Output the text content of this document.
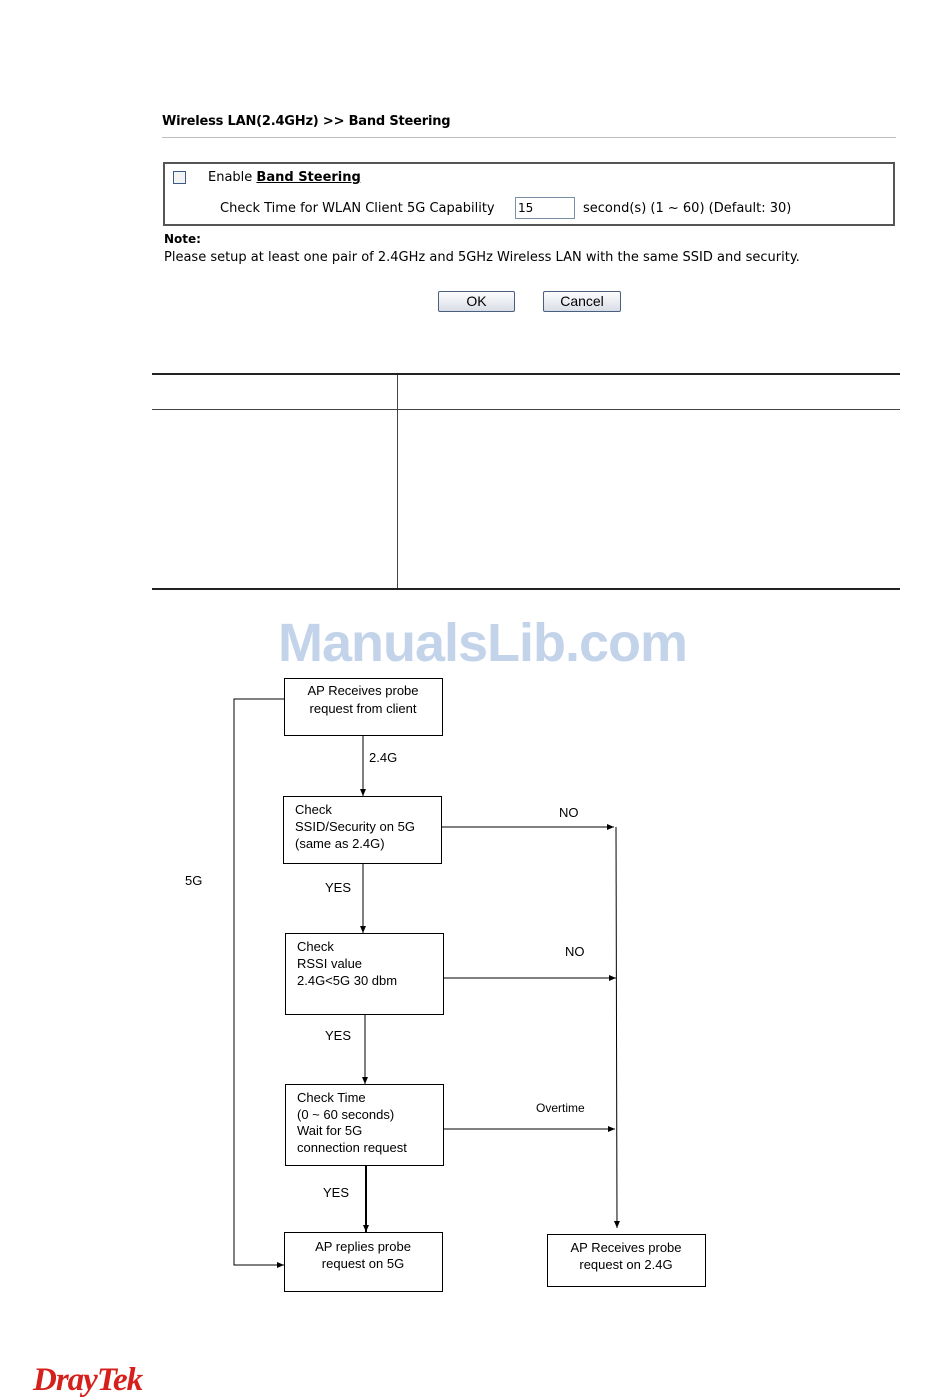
Wireless LAN(2.4GHz) >> Band Steering
Enable Band Steering
Check Time for WLAN Client 5G Capability
15	second(s) (1 ~ 60) (Default: 30)
Note:
Please setup at least one pair of 2.4GHz and 5GHz Wireless LAN with the same SSID and security.
OK	Cancel
ManualsLib.com
AP Receives probe
request from client
2.4G
Check
SSID/Security on 5G
(same as 2.4G)
NO
5G	YES
Check
RSSI value
2.4G<5G 30 dbm
NO
YES
Check Time
(0 ~ 60 seconds)
Wait for 5G
connection request
Overtime
YES
AP replies probe
request on 5G
AP Receives probe
request on 2.4G
DrayTek
